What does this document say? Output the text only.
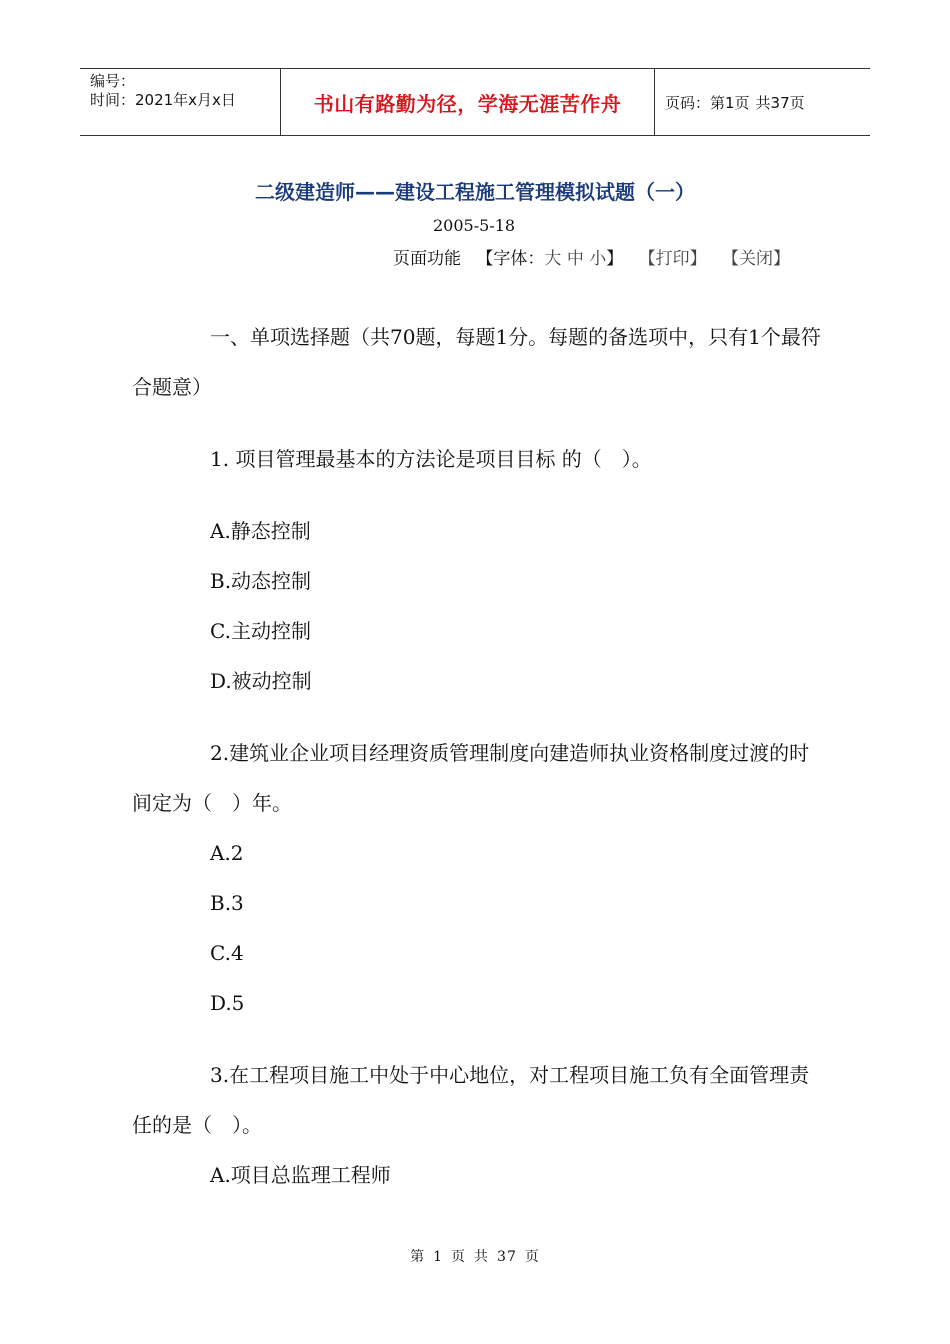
编号：
时间：2021年x月x日	书山有路勤为径，学海无涯苦作舟	页码：第1页 共37页
二级建造师——建设工程施工管理模拟试题（一）
2005-5-18
页面功能 【字体：大 中 小】 【打印】 【关闭】

一、单项选择题（共70题，每题1分。每题的备选项中，只有1个最符合题意）

1. 项目管理最基本的方法论是项目目标 的（　）。

A.静态控制

B.动态控制

C.主动控制

D.被动控制

2.建筑业企业项目经理资质管理制度向建造师执业资格制度过渡的时间定为（　）年。

A.2

B.3

C.4

D.5

3.在工程项目施工中处于中心地位，对工程项目施工负有全面管理责任的是（　）。

A.项目总监理工程师

第 1 页 共 37 页
